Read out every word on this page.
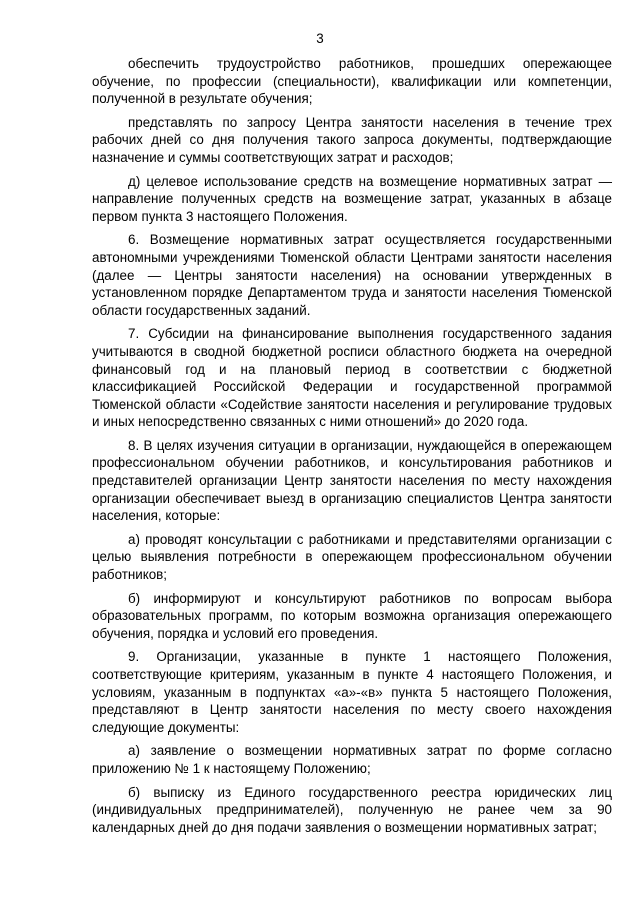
3

обеспечить трудоустройство работников, прошедших опережающее обучение, по профессии (специальности), квалификации или компетенции, полученной в результате обучения;

представлять по запросу Центра занятости населения в течение трех рабочих дней со дня получения такого запроса документы, подтверждающие назначение и суммы соответствующих затрат и расходов;

д) целевое использование средств на возмещение нормативных затрат — направление полученных средств на возмещение затрат, указанных в абзаце первом пункта 3 настоящего Положения.

6. Возмещение нормативных затрат осуществляется государственными автономными учреждениями Тюменской области Центрами занятости населения (далее — Центры занятости населения) на основании утвержденных в установленном порядке Департаментом труда и занятости населения Тюменской области государственных заданий.

7. Субсидии на финансирование выполнения государственного задания учитываются в сводной бюджетной росписи областного бюджета на очередной финансовый год и на плановый период в соответствии с бюджетной классификацией Российской Федерации и государственной программой Тюменской области «Содействие занятости населения и регулирование трудовых и иных непосредственно связанных с ними отношений» до 2020 года.

8. В целях изучения ситуации в организации, нуждающейся в опережающем профессиональном обучении работников, и консультирования работников и представителей организации Центр занятости населения по месту нахождения организации обеспечивает выезд в организацию специалистов Центра занятости населения, которые:

а) проводят консультации с работниками и представителями организации с целью выявления потребности в опережающем профессиональном обучении работников;

б) информируют и консультируют работников по вопросам выбора образовательных программ, по которым возможна организация опережающего обучения, порядка и условий его проведения.

9. Организации, указанные в пункте 1 настоящего Положения, соответствующие критериям, указанным в пункте 4 настоящего Положения, и условиям, указанным в подпунктах «а»-«в» пункта 5 настоящего Положения, представляют в Центр занятости населения по месту своего нахождения следующие документы:

а) заявление о возмещении нормативных затрат по форме согласно приложению № 1 к настоящему Положению;

б) выписку из Единого государственного реестра юридических лиц (индивидуальных предпринимателей), полученную не ранее чем за 90 календарных дней до дня подачи заявления о возмещении нормативных затрат;
